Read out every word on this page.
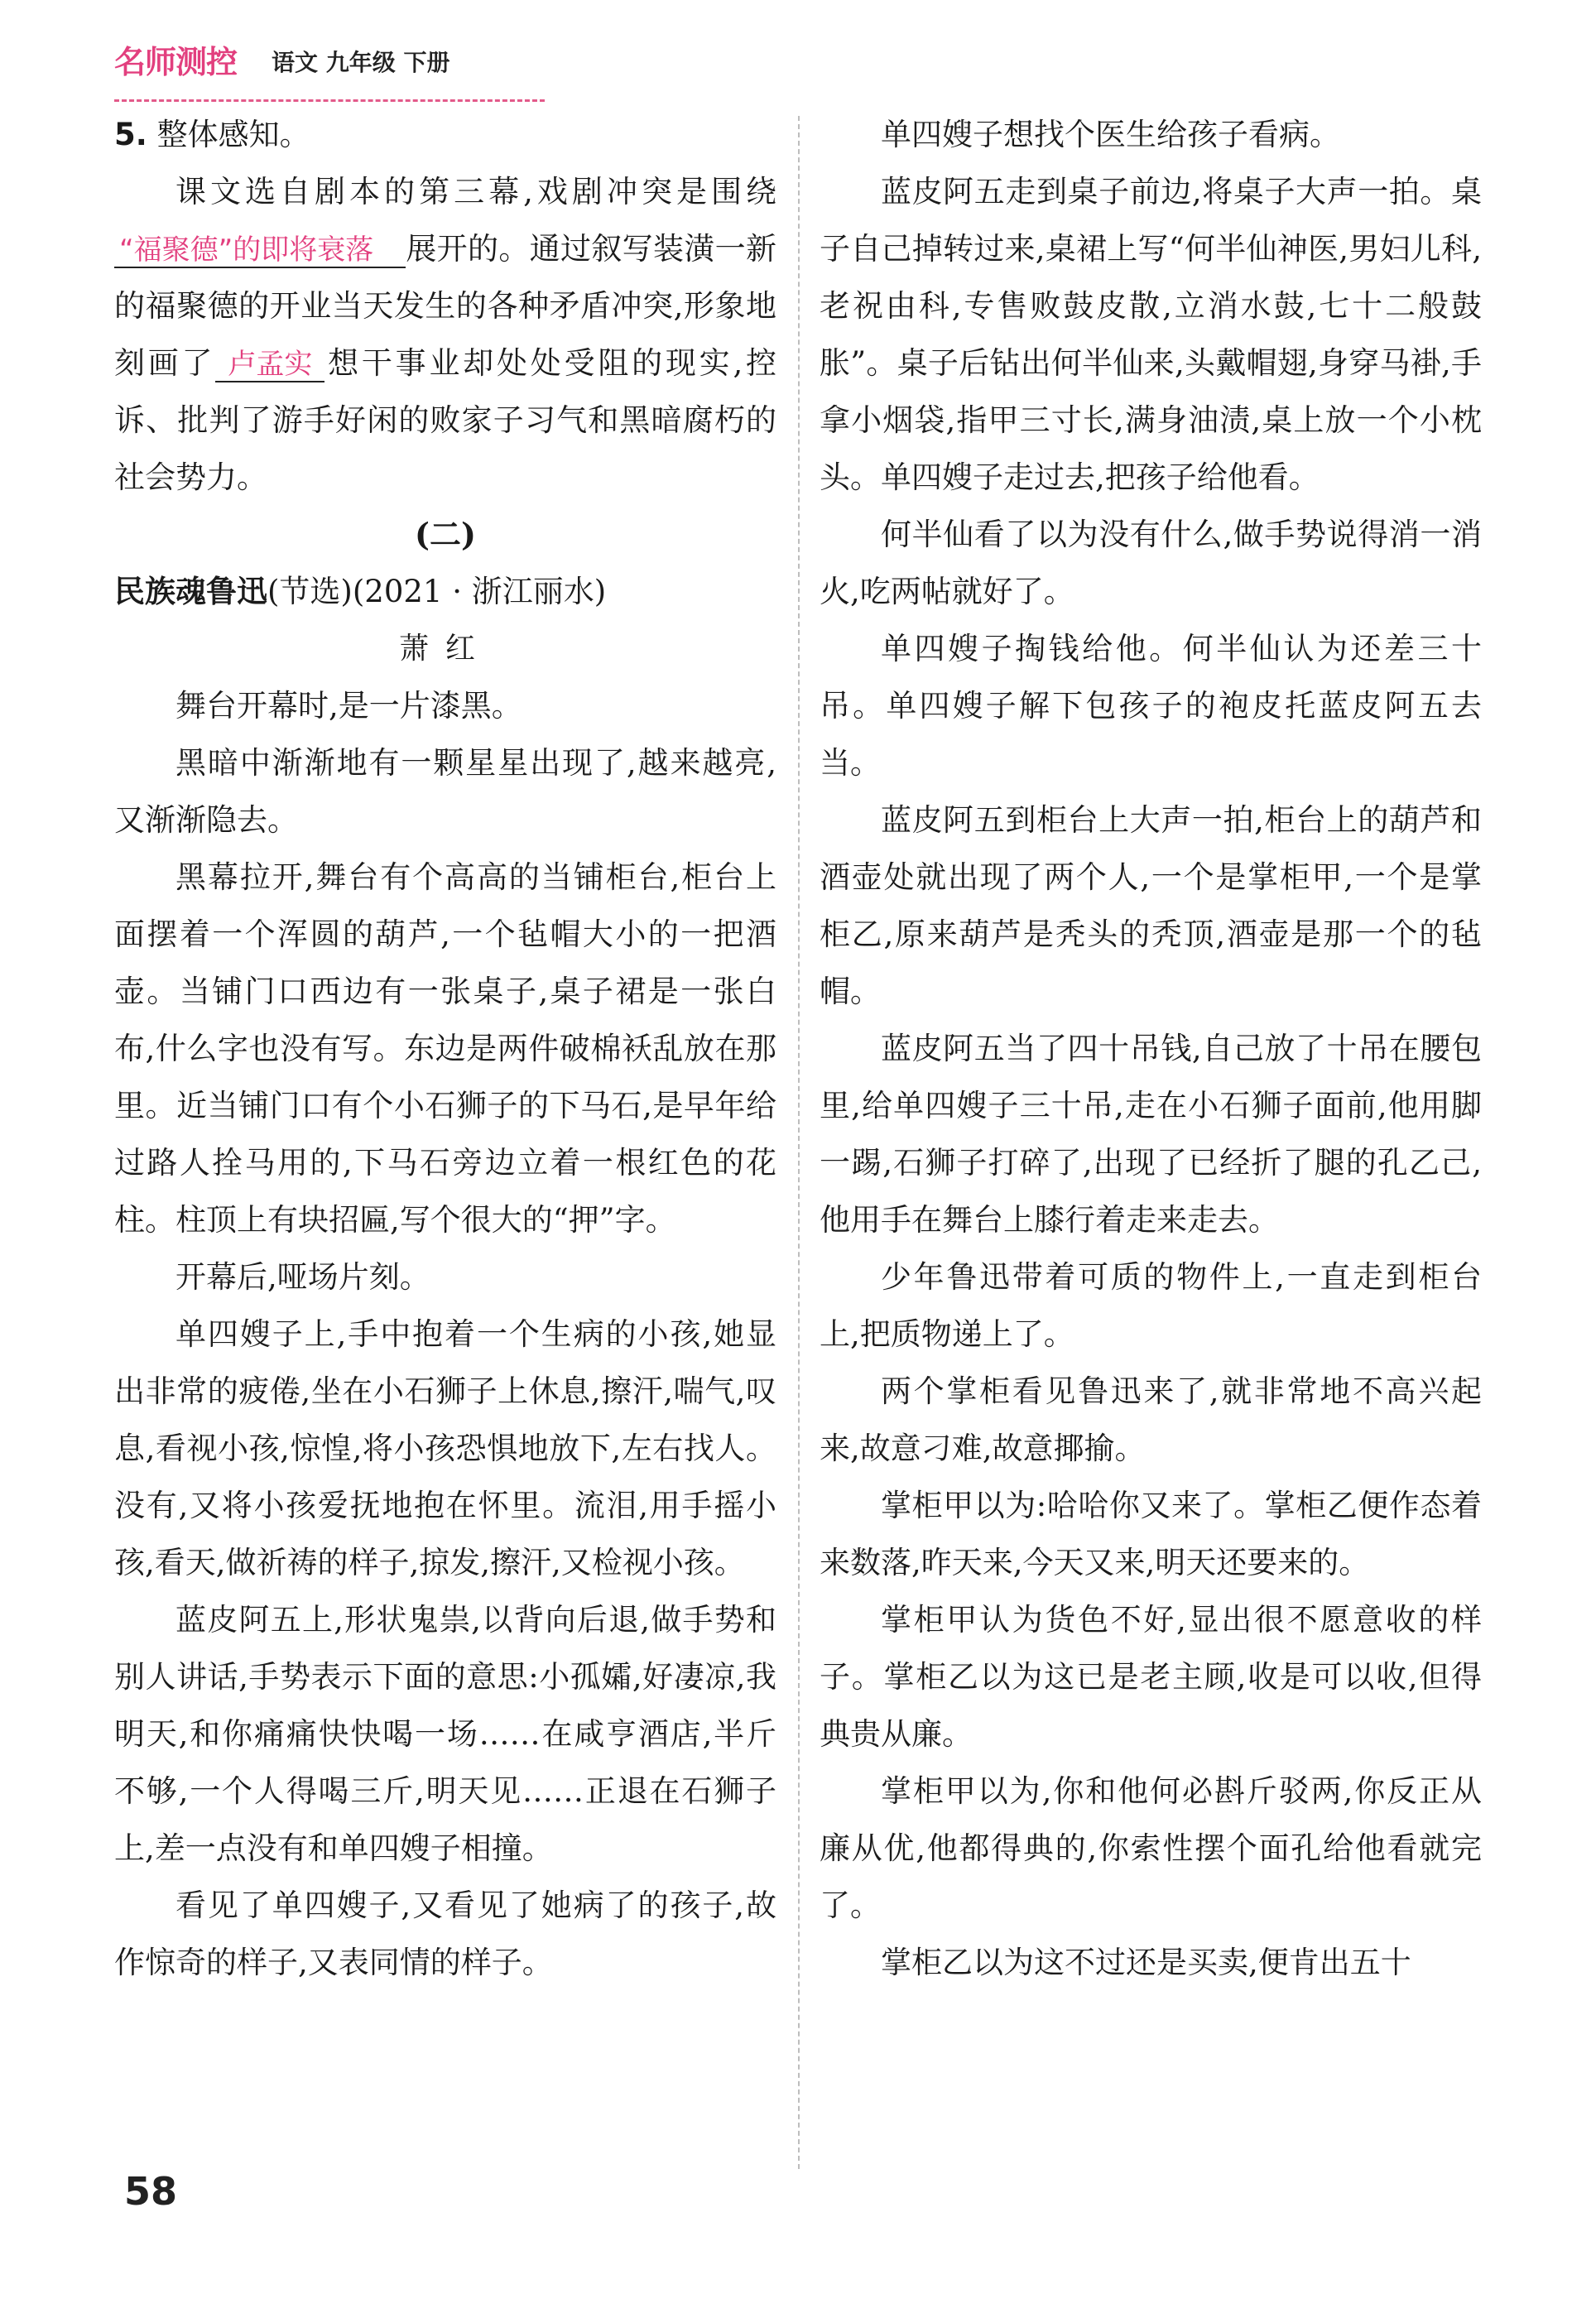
名师测控 语文 九年级 下册

5. 整体感知。

课文选自剧本的第三幕,戏剧冲突是围绕“福聚德”的即将衰落 展开的。通过叙写装潢一新的福聚德的开业当天发生的各种矛盾冲突,形象地刻画了 卢孟实 想干事业却处处受阻的现实,控诉、批判了游手好闲的败家子习气和黑暗腐朽的社会势力。

(二)
民族魂鲁迅(节选)(2021 · 浙江丽水)
萧红

舞台开幕时,是一片漆黑。

黑暗中渐渐地有一颗星星出现了,越来越亮,又渐渐隐去。

黑幕拉开,舞台有个高高的当铺柜台,柜台上面摆着一个浑圆的葫芦,一个毡帽大小的一把酒壶。当铺门口西边有一张桌子,桌子裙是一张白布,什么字也没有写。东边是两件破棉袄乱放在那里。近当铺门口有个小石狮子的下马石,是早年给过路人拴马用的,下马石旁边立着一根红色的花柱。柱顶上有块招匾,写个很大的“押”字。

开幕后,哑场片刻。

单四嫂子上,手中抱着一个生病的小孩,她显出非常的疲倦,坐在小石狮子上休息,擦汗,喘气,叹息,看视小孩,惊惶,将小孩恐惧地放下,左右找人。没有,又将小孩爱抚地抱在怀里。流泪,用手摇小孩,看天,做祈祷的样子,掠发,擦汗,又检视小孩。

蓝皮阿五上,形状鬼祟,以背向后退,做手势和别人讲话,手势表示下面的意思:小孤孀,好凄凉,我明天,和你痛痛快快喝一场……在咸亨酒店,半斤不够,一个人得喝三斤,明天见……正退在石狮子上,差一点没有和单四嫂子相撞。

看见了单四嫂子,又看见了她病了的孩子,故作惊奇的样子,又表同情的样子。

单四嫂子想找个医生给孩子看病。

蓝皮阿五走到桌子前边,将桌子大声一拍。桌子自己掉转过来,桌裙上写“何半仙神医,男妇儿科,老祝由科,专售败鼓皮散,立消水鼓,七十二般鼓胀”。桌子后钻出何半仙来,头戴帽翅,身穿马褂,手拿小烟袋,指甲三寸长,满身油渍,桌上放一个小枕头。单四嫂子走过去,把孩子给他看。

何半仙看了以为没有什么,做手势说得消一消火,吃两帖就好了。

单四嫂子掏钱给他。何半仙认为还差三十吊。单四嫂子解下包孩子的袍皮托蓝皮阿五去当。

蓝皮阿五到柜台上大声一拍,柜台上的葫芦和酒壶处就出现了两个人,一个是掌柜甲,一个是掌柜乙,原来葫芦是秃头的秃顶,酒壶是那一个的毡帽。

蓝皮阿五当了四十吊钱,自己放了十吊在腰包里,给单四嫂子三十吊,走在小石狮子面前,他用脚一踢,石狮子打碎了,出现了已经折了腿的孔乙己,他用手在舞台上膝行着走来走去。

少年鲁迅带着可质的物件上,一直走到柜台上,把质物递上了。

两个掌柜看见鲁迅来了,就非常地不高兴起来,故意刁难,故意揶揄。

掌柜甲以为:哈哈你又来了。掌柜乙便作态着来数落,昨天来,今天又来,明天还要来的。

掌柜甲认为货色不好,显出很不愿意收的样子。掌柜乙以为这已是老主顾,收是可以收,但得典贵从廉。

掌柜甲以为,你和他何必斟斤驳两,你反正从廉从优,他都得典的,你索性摆个面孔给他看就完了。

掌柜乙以为这不过还是买卖,便肯出五十

58
